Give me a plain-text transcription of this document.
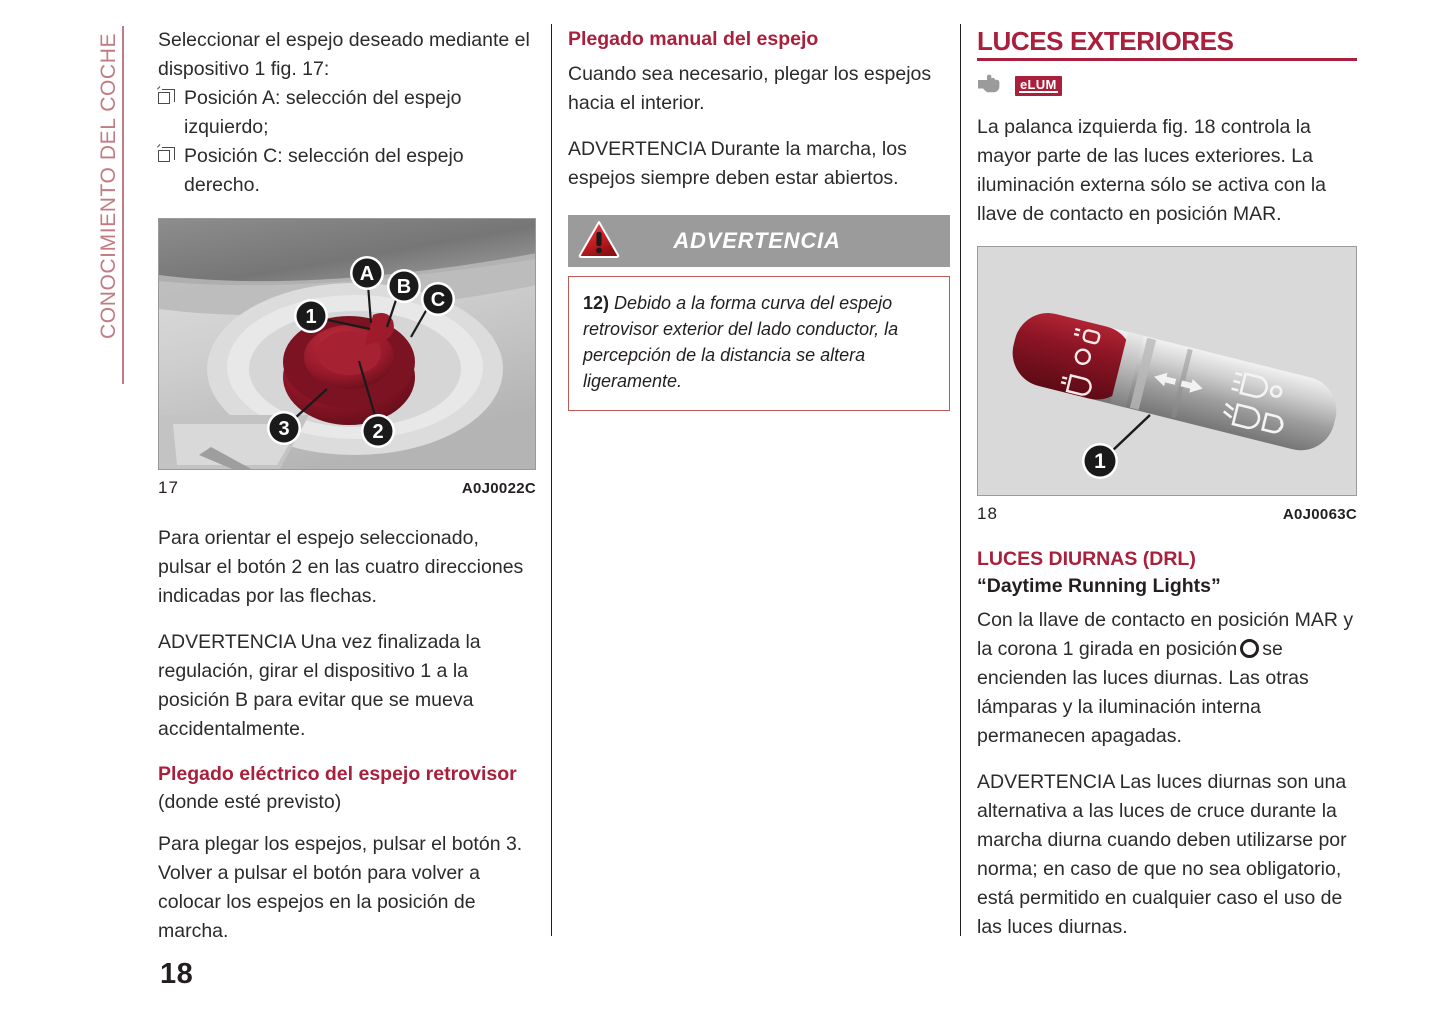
CONOCIMIENTO DEL COCHE Seleccionar el espejo deseado mediante el dispositivo 1 fig. 17:

Posición A: selección del espejo izquierdo;
Posición C: selección del espejo derecho.
A
B
C
1
2
3
17	A0J0022C

Para orientar el espejo seleccionado, pulsar el botón 2 en las cuatro direcciones indicadas por las flechas.

ADVERTENCIA Una vez finalizada la regulación, girar el dispositivo 1 a la posición B para evitar que se mueva accidentalmente.

Plegado eléctrico del espejo retrovisor

(donde esté previsto)

Para plegar los espejos, pulsar el botón 3. Volver a pulsar el botón para volver a colocar los espejos en la posición de marcha.

Plegado manual del espejo

Cuando sea necesario, plegar los espejos hacia el interior.

ADVERTENCIA Durante la marcha, los espejos siempre deben estar abiertos.

ADVERTENCIA

12) Debido a la forma curva del espejo retrovisor exterior del lado conductor, la percepción de la distancia se altera ligeramente.

LUCES EXTERIORES
eLUM

La palanca izquierda fig. 18 controla la mayor parte de las luces exteriores. La iluminación externa sólo se activa con la llave de contacto en posición MAR.

1
18	A0J0063C
LUCES DIURNAS (DRL)
“Daytime Running Lights”

Con la llave de contacto en posición MAR y la corona 1 girada en posición se encienden las luces diurnas. Las otras lámparas y la iluminación interna permanecen apagadas.

ADVERTENCIA Las luces diurnas son una alternativa a las luces de cruce durante la marcha diurna cuando deben utilizarse por norma; en caso de que no sea obligatorio, está permitido en cualquier caso el uso de las luces diurnas.

18
